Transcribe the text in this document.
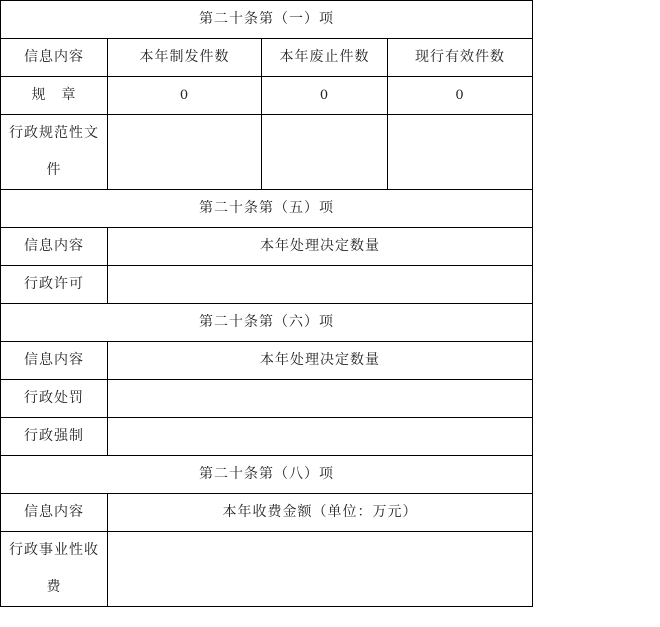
第二十条第（一）项			
信息内容	本年制发件数	本年废止件数	现行有效件数
规　章	0	0	0

行政规范性文
件			

第二十条第（五）项			
信息内容	本年处理决定数量		
行政许可			
第二十条第（六）项			
信息内容	本年处理决定数量		
行政处罚			
行政强制			
第二十条第（八）项			
信息内容	本年收费金额（单位：万元）		

行政事业性收
费			
